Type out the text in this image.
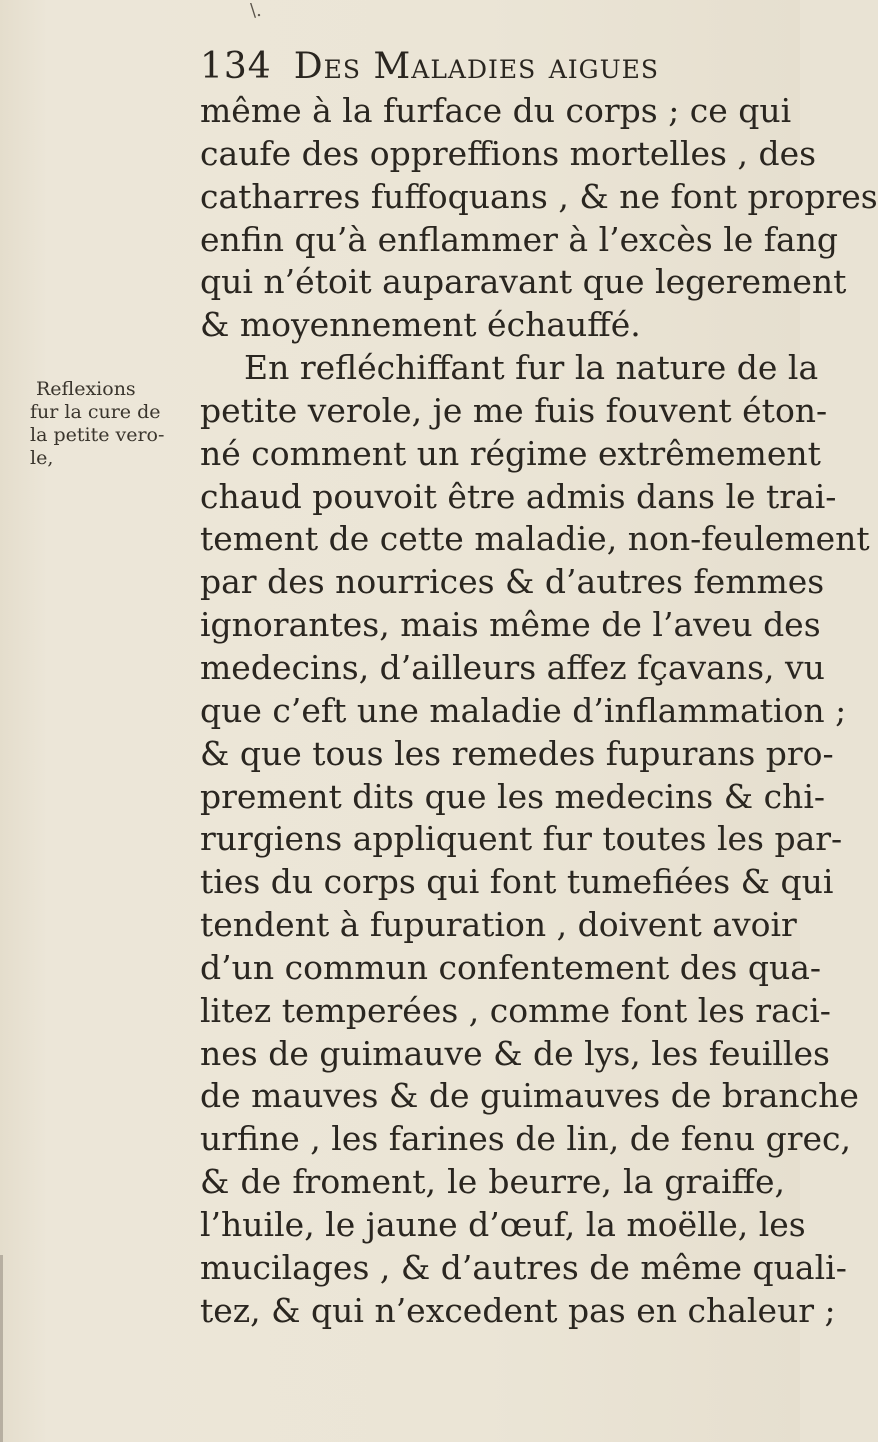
\.
134 Des Maladies aigues
Reflexions
fur la cure de
la petite vero-
le,
même à la furface du corps ; ce qui
caufe des oppreffions mortelles , des
catharres fuffoquans , & ne font propres
enfin qu’à enflammer à l’excès le fang
qui n’étoit auparavant que legerement
& moyennement échauffé.
En refléchiffant fur la nature de la
petite verole, je me fuis fouvent éton-
né comment un régime extrêmement
chaud pouvoit être admis dans le trai-
tement de cette maladie, non-feulement
par des nourrices & d’autres femmes
ignorantes, mais même de l’aveu des
medecins, d’ailleurs affez fçavans, vu
que c’eft une maladie d’inflammation ;
& que tous les remedes fupurans pro-
prement dits que les medecins & chi-
rurgiens appliquent fur toutes les par-
ties du corps qui font tumefiées & qui
tendent à fupuration , doivent avoir
d’un commun confentement des qua-
litez temperées , comme font les raci-
nes de guimauve & de lys, les feuilles
de mauves & de guimauves de branche
urfine , les farines de lin, de fenu grec,
& de froment, le beurre, la graiffe,
l’huile, le jaune d’œuf, la moëlle, les
mucilages , & d’autres de même quali-
tez, & qui n’excedent pas en chaleur ;
